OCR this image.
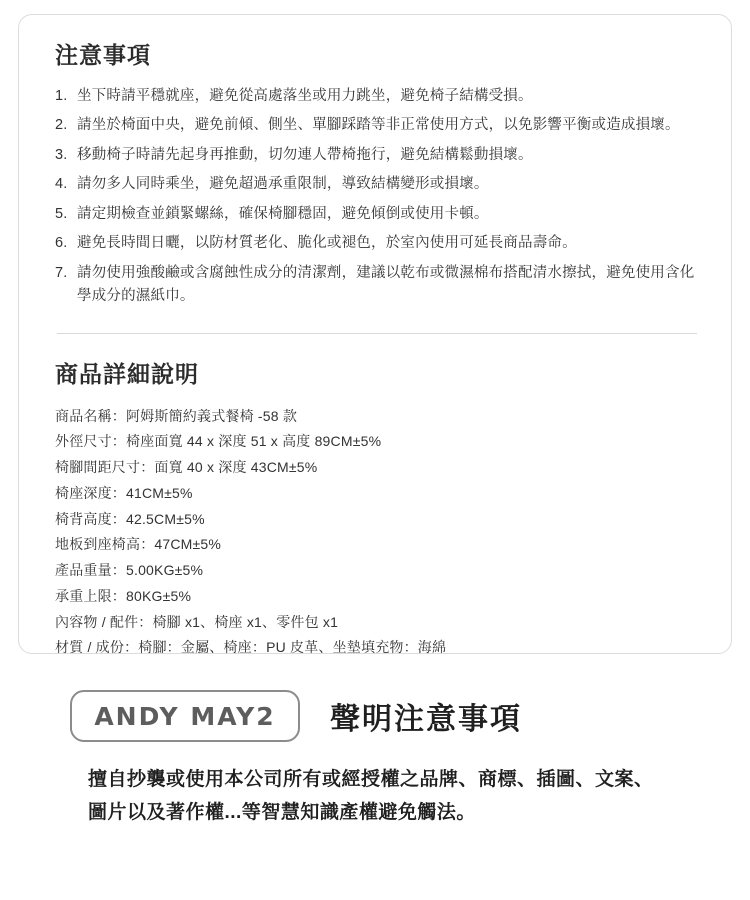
注意事項
1. 坐下時請平穩就座，避免從高處落坐或用力跳坐，避免椅子結構受損。
2. 請坐於椅面中央，避免前傾、側坐、單腳踩踏等非正常使用方式，以免影響平衡或造成損壞。
3. 移動椅子時請先起身再推動，切勿連人帶椅拖行，避免結構鬆動損壞。
4. 請勿多人同時乘坐，避免超過承重限制，導致結構變形或損壞。
5. 請定期檢查並鎖緊螺絲，確保椅腳穩固，避免傾倒或使用卡頓。
6. 避免長時間日曬，以防材質老化、脆化或褪色，於室內使用可延長商品壽命。
7. 請勿使用強酸鹼或含腐蝕性成分的清潔劑，建議以乾布或微濕棉布搭配清水擦拭，避免使用含化學成分的濕紙巾。
商品詳細說明
商品名稱：阿姆斯簡約義式餐椅 -58 款
外徑尺寸：椅座面寬 44 x 深度 51 x 高度 89CM±5%
椅腳間距尺寸：面寬 40 x 深度 43CM±5%
椅座深度：41CM±5%
椅背高度：42.5CM±5%
地板到座椅高：47CM±5%
產品重量：5.00KG±5%
承重上限：80KG±5%
內容物 / 配件：椅腳 x1、椅座 x1、零件包 x1
材質 / 成份：椅腳：金屬、椅座：PU 皮革、坐墊填充物：海綿
ANDY MAY2 聲明注意事項
擅自抄襲或使用本公司所有或經授權之品牌、商標、插圖、文案、
圖片以及著作權...等智慧知識產權避免觸法。
